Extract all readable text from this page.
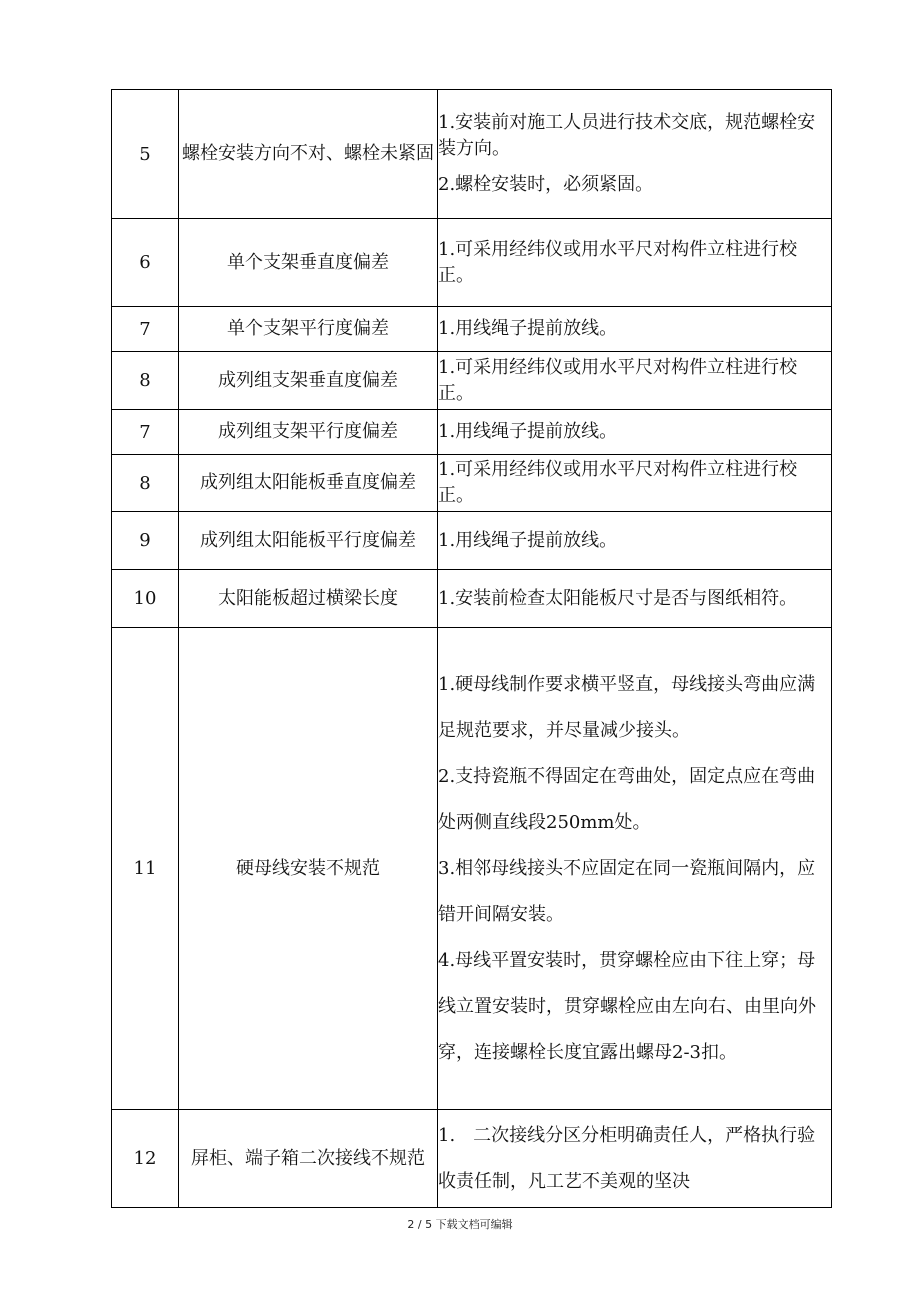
5	螺栓安装方向不对、螺栓未紧固	1.安装前对施工人员进行技术交底，规范螺栓安装方向。

2.螺栓安装时，必须紧固。

6	单个支架垂直度偏差	1.可采用经纬仪或用水平尺对构件立柱进行校正。

7	单个支架平行度偏差	1.用线绳子提前放线。

8	成列组支架垂直度偏差	1.可采用经纬仪或用水平尺对构件立柱进行校正。

7	成列组支架平行度偏差	1.用线绳子提前放线。

8	成列组太阳能板垂直度偏差	1.可采用经纬仪或用水平尺对构件立柱进行校正。

9	成列组太阳能板平行度偏差	1.用线绳子提前放线。

10	太阳能板超过横梁长度	1.安装前检查太阳能板尺寸是否与图纸相符。

11	硬母线安装不规范	1.硬母线制作要求横平竖直，母线接头弯曲应满足规范要求，并尽量减少接头。

2.支持瓷瓶不得固定在弯曲处，固定点应在弯曲处两侧直线段250mm处。

3.相邻母线接头不应固定在同一瓷瓶间隔内，应错开间隔安装。

4.母线平置安装时，贯穿螺栓应由下往上穿；母线立置安装时，贯穿螺栓应由左向右、由里向外穿，连接螺栓长度宜露出螺母2-3扣。

12	屏柜、端子箱二次接线不规范	1.　二次接线分区分柜明确责任人，严格执行验收责任制，凡工艺不美观的坚决

2 / 5 下载文档可编辑
